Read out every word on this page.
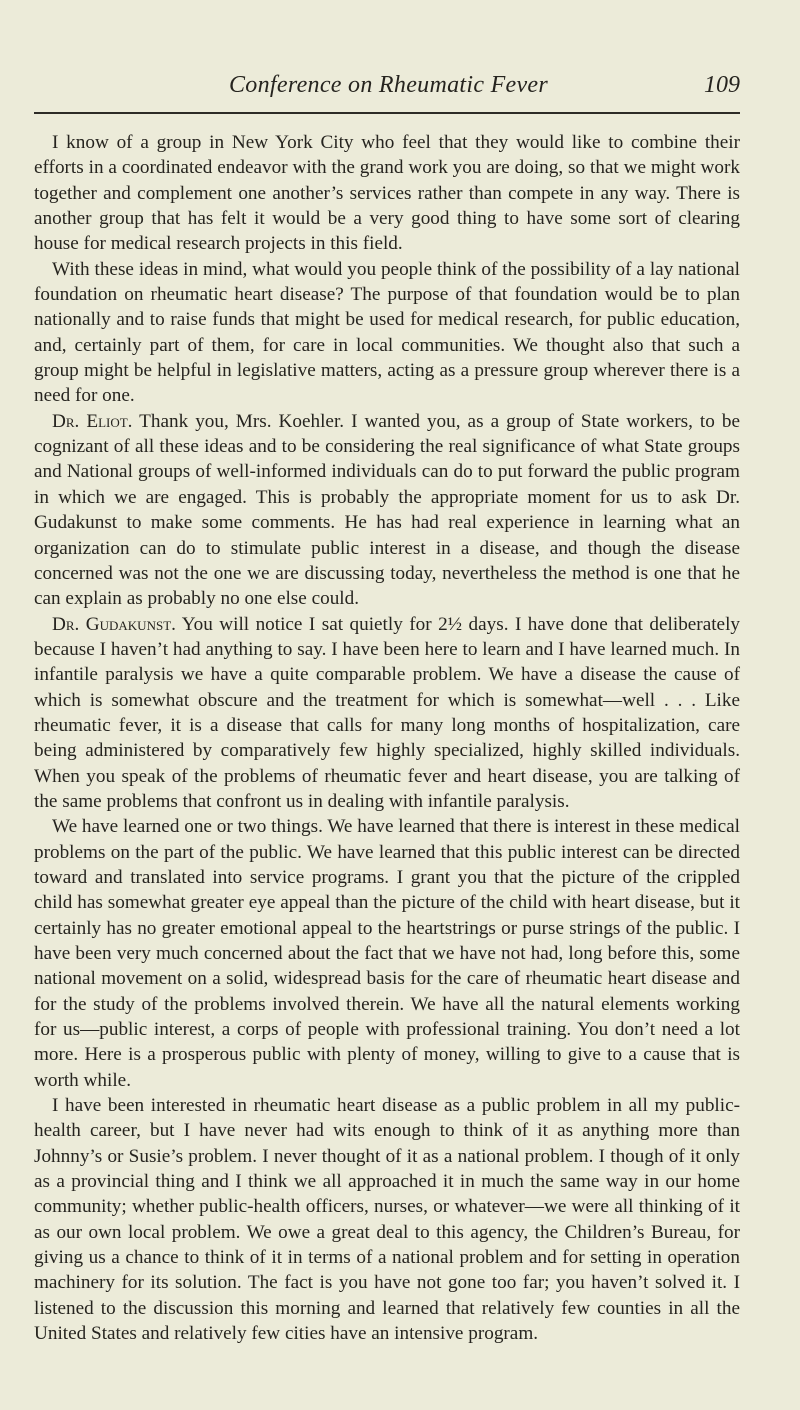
Conference on Rheumatic Fever	109

I know of a group in New York City who feel that they would like to combine their efforts in a coordinated endeavor with the grand work you are doing, so that we might work together and complement one another’s services rather than compete in any way. There is another group that has felt it would be a very good thing to have some sort of clearing house for medical research projects in this field.

With these ideas in mind, what would you people think of the possibility of a lay national foundation on rheumatic heart disease? The purpose of that foundation would be to plan nationally and to raise funds that might be used for medical research, for public education, and, certainly part of them, for care in local communities. We thought also that such a group might be helpful in legislative matters, acting as a pressure group wherever there is a need for one.

Dr. Eliot. Thank you, Mrs. Koehler. I wanted you, as a group of State workers, to be cognizant of all these ideas and to be considering the real significance of what State groups and National groups of well-informed individuals can do to put forward the public program in which we are engaged. This is probably the appropriate moment for us to ask Dr. Gudakunst to make some comments. He has had real experience in learning what an organization can do to stimulate public interest in a disease, and though the disease concerned was not the one we are discussing today, nevertheless the method is one that he can explain as probably no one else could.

Dr. Gudakunst. You will notice I sat quietly for 2½ days. I have done that deliberately because I haven’t had anything to say. I have been here to learn and I have learned much. In infantile paralysis we have a quite comparable problem. We have a disease the cause of which is somewhat obscure and the treatment for which is somewhat—well . . . Like rheumatic fever, it is a disease that calls for many long months of hospitalization, care being administered by comparatively few highly specialized, highly skilled individuals. When you speak of the problems of rheumatic fever and heart disease, you are talking of the same problems that confront us in dealing with infantile paralysis.

We have learned one or two things. We have learned that there is interest in these medical problems on the part of the public. We have learned that this public interest can be directed toward and translated into service programs. I grant you that the picture of the crippled child has somewhat greater eye appeal than the picture of the child with heart disease, but it certainly has no greater emotional appeal to the heartstrings or purse strings of the public. I have been very much concerned about the fact that we have not had, long before this, some national movement on a solid, widespread basis for the care of rheumatic heart disease and for the study of the problems involved therein. We have all the natural elements working for us—public interest, a corps of people with professional training. You don’t need a lot more. Here is a prosperous public with plenty of money, willing to give to a cause that is worth while.

I have been interested in rheumatic heart disease as a public problem in all my public-health career, but I have never had wits enough to think of it as anything more than Johnny’s or Susie’s problem. I never thought of it as a national problem. I though of it only as a provincial thing and I think we all approached it in much the same way in our home community; whether public-health officers, nurses, or whatever—we were all thinking of it as our own local problem. We owe a great deal to this agency, the Children’s Bureau, for giving us a chance to think of it in terms of a national problem and for setting in operation machinery for its solution. The fact is you have not gone too far; you haven’t solved it. I listened to the discussion this morning and learned that relatively few counties in all the United States and relatively few cities have an intensive program.
